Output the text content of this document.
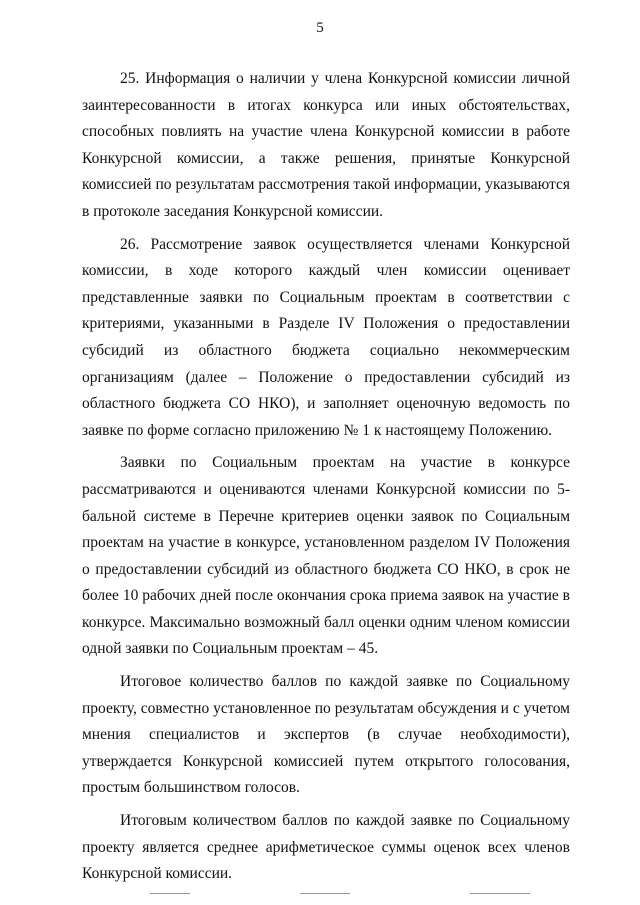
5

25. Информация о наличии у члена Конкурсной комиссии личной заинтересованности в итогах конкурса или иных обстоятельствах, способных повлиять на участие члена Конкурсной комиссии в работе Конкурсной комиссии, а также решения, принятые Конкурсной комиссией по результатам рассмотрения такой информации, указываются в протоколе заседания Конкурсной комиссии.

26. Рассмотрение заявок осуществляется членами Конкурсной комиссии, в ходе которого каждый член комиссии оценивает представленные заявки по Социальным проектам в соответствии с критериями, указанными в Разделе IV Положения о предоставлении субсидий из областного бюджета социально некоммерческим организациям (далее – Положение о предоставлении субсидий из областного бюджета СО НКО), и заполняет оценочную ведомость по заявке по форме согласно приложению № 1 к настоящему Положению.

Заявки по Социальным проектам на участие в конкурсе рассматриваются и оцениваются членами Конкурсной комиссии по 5-бальной системе в Перечне критериев оценки заявок по Социальным проектам на участие в конкурсе, установленном разделом IV Положения о предоставлении субсидий из областного бюджета СО НКО, в срок не более 10 рабочих дней после окончания срока приема заявок на участие в конкурсе. Максимально возможный балл оценки одним членом комиссии одной заявки по Социальным проектам – 45.

Итоговое количество баллов по каждой заявке по Социальному проекту, совместно установленное по результатам обсуждения и с учетом мнения специалистов и экспертов (в случае необходимости), утверждается Конкурсной комиссией путем открытого голосования, простым большинством голосов.

Итоговым количеством баллов по каждой заявке по Социальному проекту является среднее арифметическое суммы оценок всех членов Конкурсной комиссии.
